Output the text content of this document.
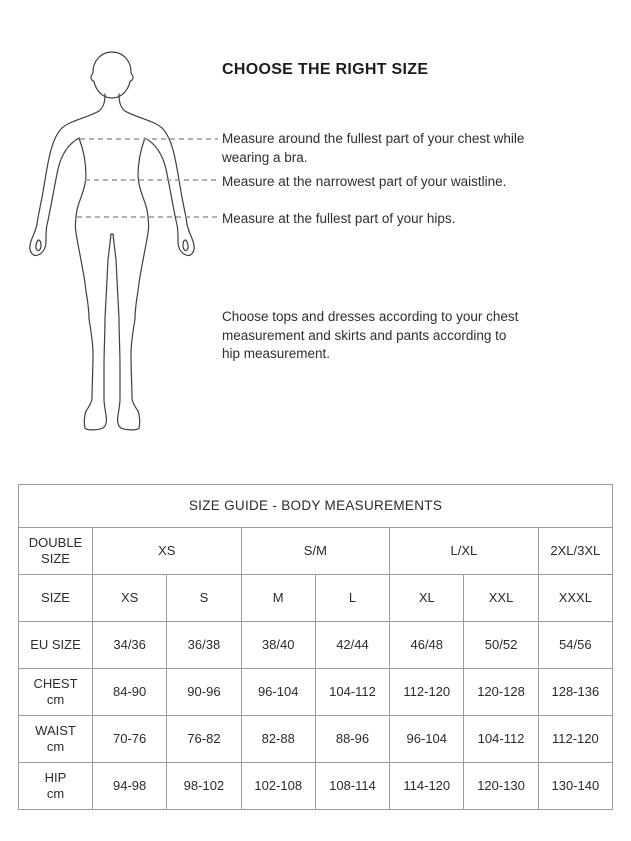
CHOOSE THE RIGHT SIZE

Measure around the fullest part of your chest while
wearing a bra.

Measure at the narrowest part of your waistline.

Measure at the fullest part of your hips.

Choose tops and dresses according to your chest
measurement and skirts and pants according to
hip measurement.

SIZE GUIDE - BODY MEASUREMENTS							

DOUBLE
SIZE	XS		S/M		L/XL		2XL/3XL
SIZE	XS	S	M	L	XL	XXL	XXXL
EU SIZE	34/36	36/38	38/40	42/44	46/48	50/52	54/56

CHEST
cm	84-90	90-96	96-104	104-112	112-120	120-128	128-136

WAIST
cm	70-76	76-82	82-88	88-96	96-104	104-112	112-120

HIP
cm	94-98	98-102	102-108	108-114	114-120	120-130	130-140
